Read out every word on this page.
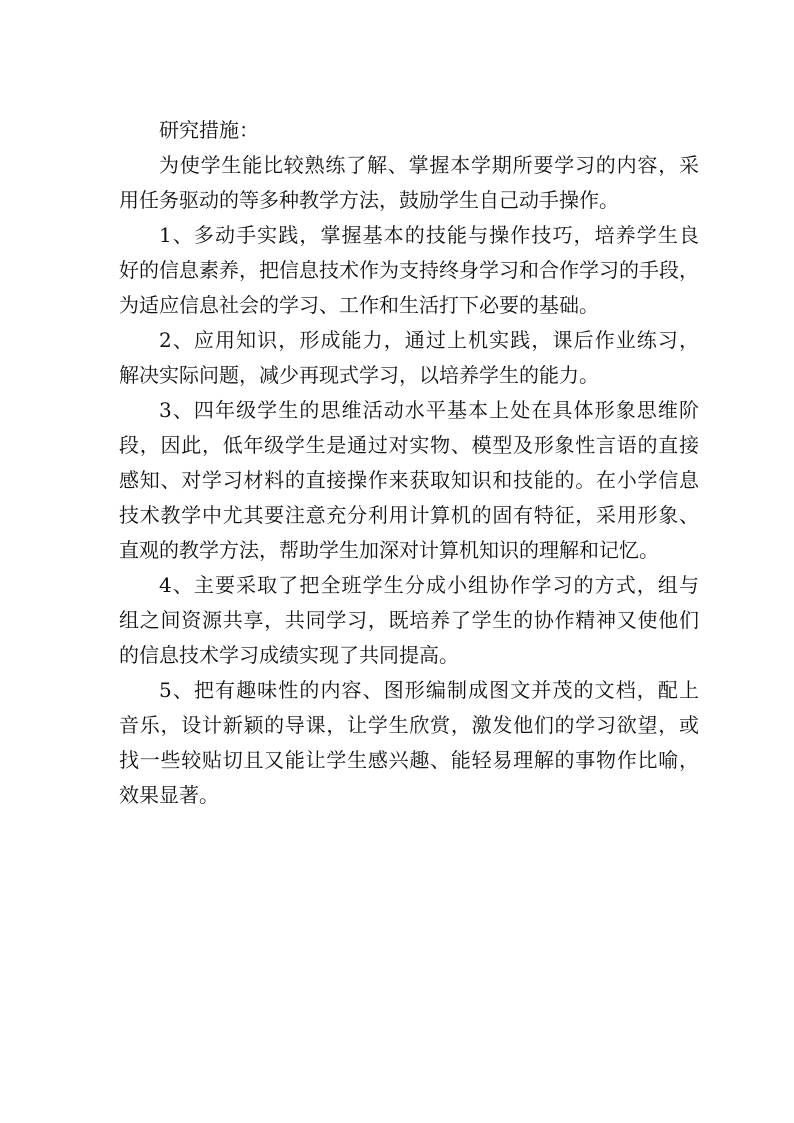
研究措施：
为使学生能比较熟练了解、掌握本学期所要学习的内容，采
用任务驱动的等多种教学方法，鼓励学生自己动手操作。
1、多动手实践，掌握基本的技能与操作技巧，培养学生良
好的信息素养，把信息技术作为支持终身学习和合作学习的手段，
为适应信息社会的学习、工作和生活打下必要的基础。
2、应用知识，形成能力，通过上机实践，课后作业练习，
解决实际问题，减少再现式学习，以培养学生的能力。
3、四年级学生的思维活动水平基本上处在具体形象思维阶
段，因此，低年级学生是通过对实物、模型及形象性言语的直接
感知、对学习材料的直接操作来获取知识和技能的。在小学信息
技术教学中尤其要注意充分利用计算机的固有特征，采用形象、
直观的教学方法，帮助学生加深对计算机知识的理解和记忆。
4、主要采取了把全班学生分成小组协作学习的方式，组与
组之间资源共享，共同学习，既培养了学生的协作精神又使他们
的信息技术学习成绩实现了共同提高。
5、把有趣味性的内容、图形编制成图文并茂的文档，配上
音乐，设计新颖的导课，让学生欣赏，激发他们的学习欲望，或
找一些较贴切且又能让学生感兴趣、能轻易理解的事物作比喻，
效果显著。
